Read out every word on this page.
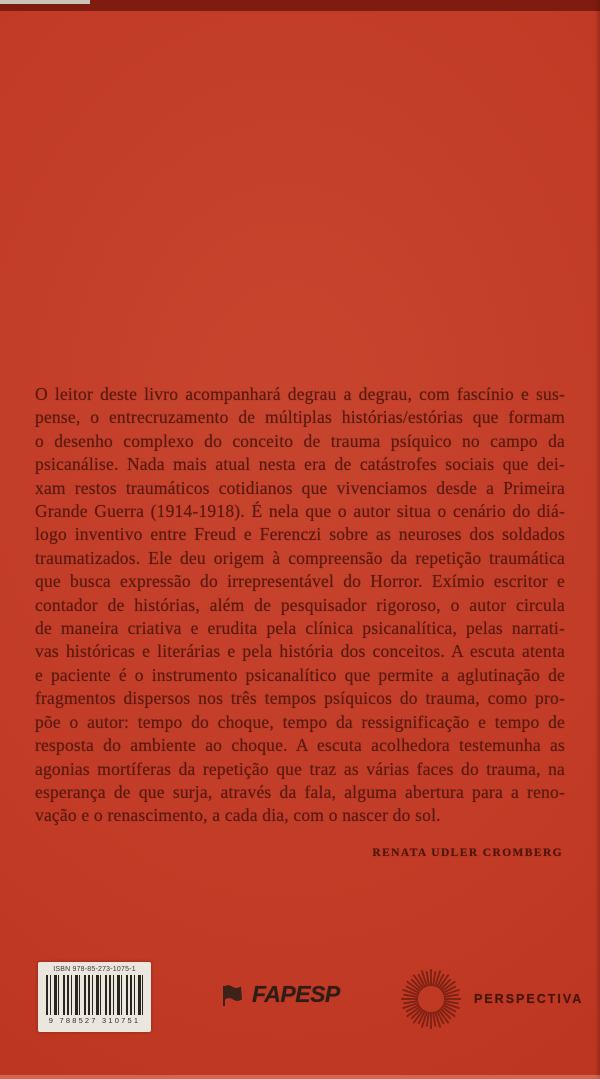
O leitor deste livro acompanhará degrau a degrau, com fascínio e sus-
pense, o entrecruzamento de múltiplas histórias/estórias que formam
o desenho complexo do conceito de trauma psíquico no campo da
psicanálise. Nada mais atual nesta era de catástrofes sociais que dei-
xam restos traumáticos cotidianos que vivenciamos desde a Primeira
Grande Guerra (1914-1918). É nela que o autor situa o cenário do diá-
logo inventivo entre Freud e Ferenczi sobre as neuroses dos soldados
traumatizados. Ele deu origem à compreensão da repetição traumática
que busca expressão do irrepresentável do Horror. Exímio escritor e
contador de histórias, além de pesquisador rigoroso, o autor circula
de maneira criativa e erudita pela clínica psicanalítica, pelas narrati-
vas históricas e literárias e pela história dos conceitos. A escuta atenta
e paciente é o instrumento psicanalítico que permite a aglutinação de
fragmentos dispersos nos três tempos psíquicos do trauma, como pro-
põe o autor: tempo do choque, tempo da ressignificação e tempo de
resposta do ambiente ao choque. A escuta acolhedora testemunha as
agonias mortíferas da repetição que traz as várias faces do trauma, na
esperança de que surja, através da fala, alguma abertura para a reno-
vação e o renascimento, a cada dia, com o nascer do sol.
RENATA UDLER CROMBERG
ISBN 978-85-273-1075-1
9 788527 310751
FAPESP	PERSPECTIVA
